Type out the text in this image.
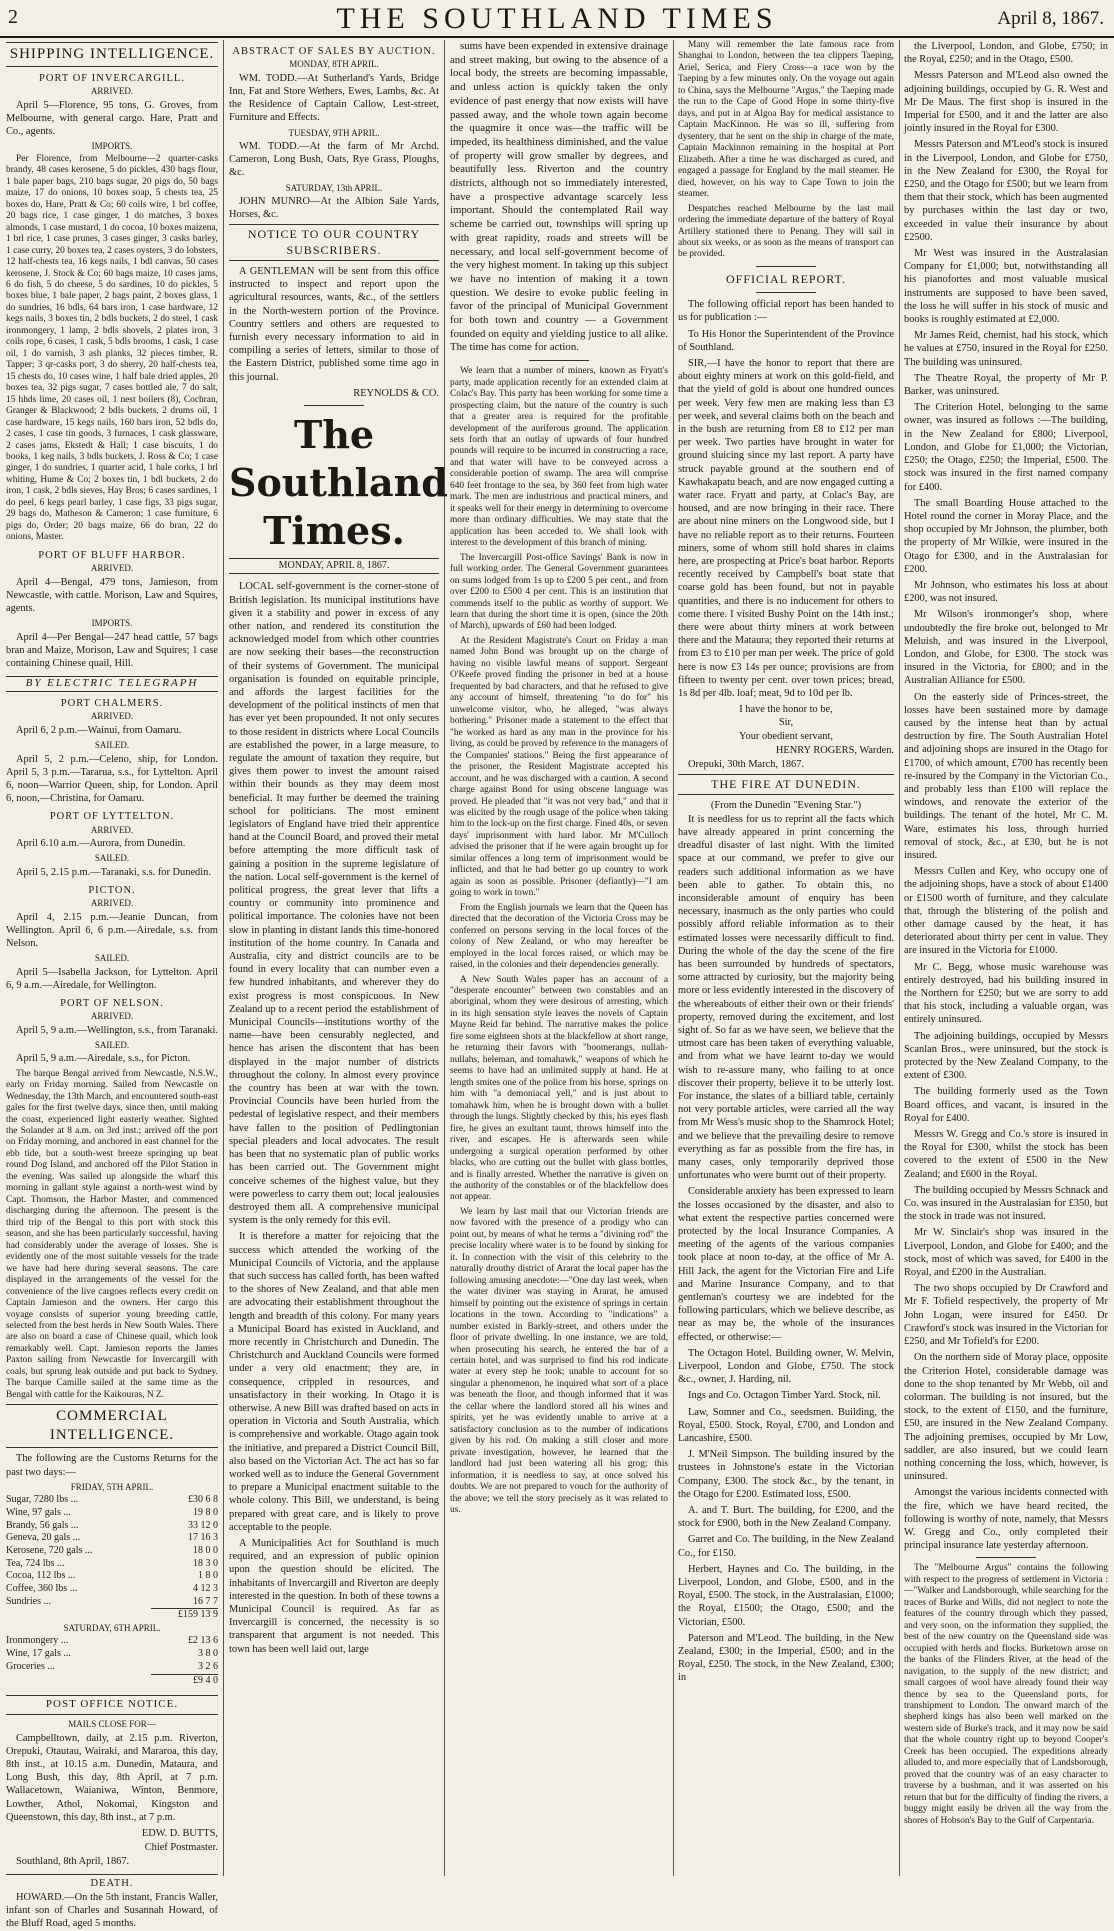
2	THE SOUTHLAND TIMES	April 8, 1867.
SHIPPING INTELLIGENCE.
PORT OF INVERCARGILL.
ARRIVED.

April 5—Florence, 95 tons, G. Groves, from Melbourne, with general cargo. Hare, Pratt and Co., agents.

IMPORTS.

Per Florence, from Melbourne—2 quarter-casks brandy, 48 cases kerosene, 5 do pickles, 430 bags flour, 1 bale paper bags, 210 bags sugar, 20 pigs do, 50 bags maize, 17 do onions, 10 boxes soap, 5 chests tea, 25 boxes do, Hare, Pratt & Co; 60 coils wire, 1 brl coffee, 20 bags rice, 1 case ginger, 1 do matches, 3 boxes almonds, 1 case mustard, 1 do cocoa, 10 boxes maizena, 1 brl rice, 1 case prunes, 3 cases ginger, 3 casks barley, 1 case curry, 20 boxes tea, 2 cases oysters, 3 do lobsters, 12 half-chests tea, 16 kegs nails, 1 bdl canvas, 50 cases kerosene, J. Stock & Co; 60 bags maize, 10 cases jams, 6 do fish, 5 do cheese, 5 do sardines, 10 do pickles, 5 boxes blue, 1 bale paper, 2 bags paint, 2 boxes glass, 1 do sundries, 16 bdls, 64 bars iron, 1 case hardware, 12 kegs nails, 3 boxes tin, 2 bdls buckets, 2 do steel, 1 cask ironmongery, 1 lamp, 2 bdls shovels, 2 plates iron, 3 coils rope, 6 cases, 1 cask, 5 bdls brooms, 1 cask, 1 case oil, 1 do varnish, 3 ash planks, 32 pieces timber, R. Tapper; 3 qr-casks port, 3 do sherry, 20 half-chests tea, 15 chests do, 10 cases wine, 1 half bale dried apples, 20 boxes tea, 32 pigs sugar, 7 cases bottled ale, 7 do salt, 15 hhds lime, 20 cases oil, 1 nest boilers (8), Cochran, Granger & Blackwood; 2 bdls buckets, 2 drums oil, 1 case hardware, 15 kegs nails, 160 bars iron, 52 bdls do, 2 cases, 1 case tin goods, 3 furnaces, 1 cask glassware, 2 cases jams, Ekstedt & Hall; 1 case biscuits, 1 do books, 1 keg nails, 3 bdls buckets, J. Ross & Co; 1 case ginger, 1 do sundries, 1 quarter acid, 1 bale corks, 1 brl whiting, Hume & Co; 2 boxes tin, 1 bdl buckets, 2 do iron, 1 cask, 2 bdls sieves, Hay Bros; 6 cases sardines, 1 do peel, 6 kegs pearl barley, 1 case figs, 33 pigs sugar, 29 bags do, Matheson & Cameron; 1 case furniture, 6 pigs do, Order; 20 bags maize, 66 do bran, 22 do onions, Master.

PORT OF BLUFF HARBOR.
ARRIVED.

April 4—Bengal, 479 tons, Jamieson, from Newcastle, with cattle. Morison, Law and Squires, agents.

IMPORTS.

April 4—Per Bengal—247 head cattle, 57 bags bran and Maize, Morison, Law and Squires; 1 case containing Chinese quail, Hill.

BY ELECTRIC TELEGRAPH
PORT CHALMERS.
ARRIVED.

April 6, 2 p.m.—Wainui, from Oamaru.

SAILED.

April 5, 2 p.m.—Celeno, ship, for London. April 5, 3 p.m.—Tararua, s.s., for Lyttelton. April 6, noon—Warrior Queen, ship, for London. April 6, noon,—Christina, for Oamaru.

PORT OF LYTTELTON.
ARRIVED.

April 6.10 a.m.—Aurora, from Dunedin.

SAILED.

April 5, 2.15 p.m.—Taranaki, s.s. for Dunedin.

PICTON.
ARRIVED.

April 4, 2.15 p.m.—Jeanie Duncan, from Wellington. April 6, 6 p.m.—Airedale, s.s. from Nelson.

SAILED.

April 5—Isabella Jackson, for Lyttelton. April 6, 9 a.m.—Airedale, for Wellington.

PORT OF NELSON.
ARRIVED.

April 5, 9 a.m.—Wellington, s.s., from Taranaki.

SAILED.

April 5, 9 a.m.—Airedale, s.s., for Picton.

The barque Bengal arrived from Newcastle, N.S.W., early on Friday morning. Sailed from Newcastle on Wednesday, the 13th March, and encountered south-east gales for the first twelve days, since then, until making the coast, experienced light easterly weather. Sighted the Solander at 8 a.m. on 3rd inst.; arrived off the port on Friday morning, and anchored in east channel for the ebb tide, but a south-west breeze springing up beat round Dog Island, and anchored off the Pilot Station in the evening. Was sailed up alongside the wharf this morning in gallant style against a north-west wind by Capt. Thomson, the Harbor Master, and commenced discharging during the afternoon. The present is the third trip of the Bengal to this port with stock this season, and she has been particularly successful, having had considerably under the average of losses. She is evidently one of the most suitable vessels for the trade we have had here during several seasons. The care displayed in the arrangements of the vessel for the convenience of the live cargoes reflects every credit on Captain Jamieson and the owners. Her cargo this voyage consists of superior young breeding cattle, selected from the best herds in New South Wales. There are also on board a case of Chinese quail, which look remarkably well. Capt. Jamieson reports the James Paxton sailing from Newcastle for Invercargill with coals, but sprung leak outside and put back to Sydney. The barque Camille sailed at the same time as the Bengal with cattle for the Kaikouras, N Z.

COMMERCIAL INTELLIGENCE.

The following are the Customs Returns for the past two days:—

FRIDAY, 5TH APRIL.
Sugar, 7280 lbs ...	£30 6 8
Wine, 97 gals ...	19 8 0
Brandy, 56 gals ...	33 12 0
Geneva, 20 gals ...	17 16 3
Kerosene, 720 gals ...	18 0 0
Tea, 724 lbs ...	18 3 0
Cocoa, 112 lbs ...	1 8 0
Coffee, 360 lbs ...	4 12 3
Sundries ...	16 7 7
	£159 13 9
SATURDAY, 6TH APRIL.
Ironmongery ...	£2 13 6
Wine, 17 gals ...	3 8 0
Groceries ...	3 2 6
	£9 4 0
POST OFFICE NOTICE.
MAILS CLOSE FOR—

Campbelltown, daily, at 2.15 p.m. Riverton, Orepuki, Otautau, Wairaki, and Mararoa, this day, 8th inst., at 10.15 a.m. Dunedin, Mataura, and Long Bush, this day, 8th April, at 7 p.m. Wallacetown, Waianiwa, Winton, Benmore, Lowther, Athol, Nokomai, Kingston and Queenstown, this day, 8th inst., at 7 p.m.

EDW. D. BUTTS,
Chief Postmaster.

Southland, 8th April, 1867.

DEATH.

HOWARD.—On the 5th instant, Francis Waller, infant son of Charles and Susannah Howard, of the Bluff Road, aged 5 months.

ABSTRACT OF SALES BY AUCTION.
MONDAY, 8TH APRIL.

WM. TODD.—At Sutherland's Yards, Bridge Inn, Fat and Store Wethers, Ewes, Lambs, &c. At the Residence of Captain Callow, Lest-street, Furniture and Effects.

TUESDAY, 9TH APRIL.

WM. TODD.—At the farm of Mr Archd. Cameron, Long Bush, Oats, Rye Grass, Ploughs, &c.

SATURDAY, 13th APRIL.

JOHN MUNRO—At the Albion Sale Yards, Horses, &c.

NOTICE TO OUR COUNTRY SUBSCRIBERS.

A GENTLEMAN will be sent from this office instructed to inspect and report upon the agricultural resources, wants, &c., of the settlers in the North-western portion of the Province. Country settlers and others are requested to furnish every necessary information to aid in compiling a series of letters, similar to those of the Eastern District, published some time ago in this journal.

REYNOLDS & CO.
The Southland Times.
MONDAY, APRIL 8, 1867.

LOCAL self-government is the corner-stone of British legislation. Its municipal institutions have given it a stability and power in excess of any other nation, and rendered its constitution the acknowledged model from which other countries are now seeking their bases—the reconstruction of their systems of Government. The municipal organisation is founded on equitable principle, and affords the largest facilities for the development of the political instincts of men that has ever yet been propounded. It not only secures to those resident in districts where Local Councils are established the power, in a large measure, to regulate the amount of taxation they require, but gives them power to invest the amount raised within their bounds as they may deem most beneficial. It may further be deemed the training school for politicians. The most eminent legislators of England have tried their apprentice hand at the Council Board, and proved their metal before attempting the more difficult task of gaining a position in the supreme legislature of the nation. Local self-government is the kernel of political progress, the great lever that lifts a country or community into prominence and political importance. The colonies have not been slow in planting in distant lands this time-honored institution of the home country. In Canada and Australia, city and district councils are to be found in every locality that can number even a few hundred inhabitants, and wherever they do exist progress is most conspicuous. In New Zealand up to a recent period the establishment of Municipal Councils—institutions worthy of the name—have been censurably neglected, and hence has arisen the discontent that has been displayed in the major number of districts throughout the colony. In almost every province the country has been at war with the town. Provincial Councils have been hurled from the pedestal of legislative respect, and their members have fallen to the position of Pedlingtonian special pleaders and local advocates. The result has been that no systematic plan of public works has been carried out. The Government might conceive schemes of the highest value, but they were powerless to carry them out; local jealousies destroyed them all. A comprehensive municipal system is the only remedy for this evil.

It is therefore a matter for rejoicing that the success which attended the working of the Municipal Councils of Victoria, and the applause that such success has called forth, has been wafted to the shores of New Zealand, and that able men are advocating their establishment throughout the length and breadth of this colony. For many years a Municipal Board has existed in Auckland, and more recently in Christchurch and Dunedin. The Christchurch and Auckland Councils were formed under a very old enactment; they are, in consequence, crippled in resources, and unsatisfactory in their working. In Otago it is otherwise. A new Bill was drafted based on acts in operation in Victoria and South Australia, which is comprehensive and workable. Otago again took the initiative, and prepared a District Council Bill, also based on the Victorian Act. The act has so far worked well as to induce the General Government to prepare a Municipal enactment suitable to the whole colony. This Bill, we understand, is being prepared with great care, and is likely to prove acceptable to the people.

A Municipalities Act for Southland is much required, and an expression of public opinion upon the question should be elicited. The inhabitants of Invercargill and Riverton are deeply interested in the question. In both of these towns a Municipal Council is required. As far as Invercargill is concerned, the necessity is so transparent that argument is not needed. This town has been well laid out, large

sums have been expended in extensive drainage and street making, but owing to the absence of a local body, the streets are becoming impassable, and unless action is quickly taken the only evidence of past energy that now exists will have passed away, and the whole town again become the quagmire it once was—the traffic will be impeded, its healthiness diminished, and the value of property will grow smaller by degrees, and beautifully less. Riverton and the country districts, although not so immediately interested, have a prospective advantage scarcely less important. Should the contemplated Rail way scheme be carried out, townships will spring up with great rapidity, roads and streets will be necessary, and local self-government become of the very highest moment. In taking up this subject we have no intention of making it a town question. We desire to evoke public feeling in favor of the principal of Municipal Government for both town and country — a Government founded on equity and yielding justice to all alike. The time has come for action.

We learn that a number of miners, known as Fryatt's party, made application recently for an extended claim at Colac's Bay. This party has been working for some time a prospecting claim, but the nature of the country is such that a greater area is required for the profitable development of the auriferous ground. The application sets forth that an outlay of upwards of four hundred pounds will require to be incurred in constructing a race, and that water will have to be conveyed across a considerable portion of swamp. The area will comprise 640 feet frontage to the sea, by 360 feet from high water mark. The men are industrious and practical miners, and it speaks well for their energy in determining to overcome more than ordinary difficulties. We may state that the application has been acceded to. We shall look with interest to the development of this branch of mining.

The Invercargill Post-office Savings' Bank is now in full working order. The General Government guarantees on sums lodged from 1s up to £200 5 per cent., and from over £200 to £500 4 per cent. This is an institution that commends itself to the public as worthy of support. We learn that during the short time it is open, (since the 20th of March), upwards of £60 had been lodged.

At the Resident Magistrate's Court on Friday a man named John Bond was brought up on the charge of having no visible lawful means of support. Sergeant O'Keefe proved finding the prisoner in bed at a house frequented by bad characters, and that he refused to give any account of himself, threatening "to do for" his unwelcome visitor, who, he alleged, "was always bothering." Prisoner made a statement to the effect that "he worked as hard as any man in the province for his living, as could be proved by reference to the managers of the Companies' stations." Being the first appearance of the prisoner, the Resident Magistrate accepted his account, and he was discharged with a caution. A second charge against Bond for using obscene language was proved. He pleaded that "it was not very bad," and that it was elicited by the rough usage of the police when taking him to the lock-up on the first charge. Fined 40s, or seven days' imprisonment with hard labor. Mr M'Culloch advised the prisoner that if he were again brought up for similar offences a long term of imprisonment would be inflicted, and that he had better go up country to work again as soon as possible. Prisoner (defiantly)—"I am going to work in town."

From the English journals we learn that the Queen has directed that the decoration of the Victoria Cross may be conferred on persons serving in the local forces of the colony of New Zealand, or who may hereafter be employed in the local forces raised, or which may be raised, in the colonies and their dependencies generally.

A New South Wales paper has an account of a "desperate encounter" between two constables and an aboriginal, whom they were desirous of arresting, which in its high sensation style leaves the novels of Captain Mayne Reid far behind. The narrative makes the police fire some eighteen shots at the blackfellow at short range, he returning their favors with "boomerangs, nullah-nullahs, heleman, and tomahawk," weapons of which he seems to have had an unlimited supply at hand. He at length smites one of the police from his horse, springs on him with "a demoniacal yell," and is just about to tomahawk him, when he is brought down with a bullet through the lungs. Slightly checked by this, his eyes flash fire, he gives an exultant taunt, throws himself into the river, and escapes. He is afterwards seen while undergoing a surgical operation performed by other blacks, who are cutting out the bullet with glass bottles, and is finally arrested. Whether the narrative is given on the authority of the constables or of the blackfellow does not appear.

We learn by last mail that our Victorian friends are now favored with the presence of a prodigy who can point out, by means of what he terms a "divining rod" the precise locality where water is to be found by sinking for it. In connection with the visit of this celebrity to the naturally drouthy district of Ararat the local paper has the following amusing anecdote:—"One day last week, when the water diviner was staying in Ararat, he amused himself by pointing out the existence of springs in certain locations in the town. According to "indications" a number existed in Barkly-street, and others under the floor of private dwelling. In one instance, we are told, when prosecuting his search, he entered the bar of a certain hotel, and was surprised to find his rod indicate water at every step he took; unable to account for so singular a phenomenon, he inquired what sort of a place was beneath the floor, and though informed that it was the cellar where the landlord stored all his wines and spirits, yet he was evidently unable to arrive at a satisfactory conclusion as to the number of indications given by his rod. On making a still closer and more private investigation, however, he learned that the landlord had just been watering all his grog; this information, it is needless to say, at once solved his doubts. We are not prepared to vouch for the authority of the above; we tell the story precisely as it was related to us.

Many will remember the late famous race from Shanghai to London, between the tea clippers Taeping, Ariel, Serica, and Fiery Cross—a race won by the Taeping by a few minutes only. On the voyage out again to China, says the Melbourne "Argus," the Taeping made the run to the Cape of Good Hope in some thirty-five days, and put in at Algoa Bay for medical assistance to Captain MacKinnon. He was so ill, suffering from dysentery, that he sent on the ship in charge of the mate, Captain Mackinnon remaining in the hospital at Port Elizabeth. After a time he was discharged as cured, and engaged a passage for England by the mail steamer. He died, however, on his way to Cape Town to join the steamer.

Despatches reached Melbourne by the last mail ordering the immediate departure of the battery of Royal Artillery stationed there to Penang. They will sail in about six weeks, or as soon as the means of transport can be provided.

OFFICIAL REPORT.

The following official report has been handed to us for publication :—

To His Honor the Superintendent of the Province of Southland.

SIR,—I have the honor to report that there are about eighty miners at work on this gold-field, and that the yield of gold is about one hundred ounces per week. Very few men are making less than £3 per week, and several claims both on the beach and in the bush are returning from £8 to £12 per man per week. Two parties have brought in water for ground sluicing since my last report. A party have struck payable ground at the southern end of Kawhakapatu beach, and are now engaged cutting a water race. Fryatt and party, at Colac's Bay, are housed, and are now bringing in their race. There are about nine miners on the Longwood side, but I have no reliable report as to their returns. Fourteen miners, some of whom still hold shares in claims here, are prospecting at Price's boat harbor. Reports recently received by Campbell's boat state that coarse gold has been found, but not in payable quantities, and there is no inducement for others to come there. I visited Bushy Point on the 14th inst.; there were about thirty miners at work between there and the Mataura; they reported their returns at from £3 to £10 per man per week. The price of gold here is now £3 14s per ounce; provisions are from fifteen to twenty per cent. over town prices; bread, 1s 8d per 4lb. loaf; meat, 9d to 10d per lb.

I have the honor to be,
Sir,
Your obedient servant,
HENRY ROGERS, Warden.

Orepuki, 30th March, 1867.

THE FIRE AT DUNEDIN.
(From the Dunedin "Evening Star.")

It is needless for us to reprint all the facts which have already appeared in print concerning the dreadful disaster of last night. With the limited space at our command, we prefer to give our readers such additional information as we have been able to gather. To obtain this, no inconsiderable amount of enquiry has been necessary, inasmuch as the only parties who could possibly afford reliable information as to their estimated losses were necessarily difficult to find. During the whole of the day the scene of the fire has been surrounded by hundreds of spectators, some attracted by curiosity, but the majority being more or less evidently interested in the discovery of the whereabouts of either their own or their friends' property, removed during the excitement, and lost sight of. So far as we have seen, we believe that the utmost care has been taken of everything valuable, and from what we have learnt to-day we would wish to re-assure many, who failing to at once discover their property, believe it to be utterly lost. For instance, the slates of a billiard table, certainly not very portable articles, were carried all the way from Mr Wess's music shop to the Shamrock Hotel; and we believe that the prevailing desire to remove everything as far as possible from the fire has, in many cases, only temporarily deprived those unfortunates who were burnt out of their property.

Considerable anxiety has been expressed to learn the losses occasioned by the disaster, and also to what extent the respective parties concerned were protected by the local Insurance Companies. A meeting of the agents of the various companies took place at noon to-day, at the office of Mr A. Hill Jack, the agent for the Victorian Fire and Life and Marine Insurance Company, and to that gentleman's courtesy we are indebted for the following particulars, which we believe describe, as near as may be, the whole of the insurances effected, or otherwise:—

The Octagon Hotel. Building owner, W. Melvin, Liverpool, London and Globe, £750. The stock &c., owner, J. Harding, nil.

Ings and Co. Octagon Timber Yard. Stock, nil.

Law, Somner and Co., seedsmen. Building, the Royal, £500. Stock, Royal, £700, and London and Lancashire, £500.

J. M'Neil Simpson. The building insured by the trustees in Johnstone's estate in the Victorian Company, £300. The stock &c., by the tenant, in the Otago for £200. Estimated loss, £500.

A. and T. Burt. The building, for £200, and the stock for £900, both in the New Zealand Company.

Garret and Co. The building, in the New Zealand Co., for £150.

Herbert, Haynes and Co. The building, in the Liverpool, London, and Globe, £500, and in the Royal, £500. The stock, in the Australasian, £1000; the Royal, £1500; the Otago, £500; and the Victorian, £500.

Paterson and M'Leod. The building, in the New Zealand, £300; in the Imperial, £500; and in the Royal, £250. The stock, in the New Zealand, £300; in

the Liverpool, London, and Globe, £750; in the Royal, £250; and in the Otago, £500.

Messrs Paterson and M'Leod also owned the adjoining buildings, occupied by G. R. West and Mr De Maus. The first shop is insured in the Imperial for £500, and it and the latter are also jointly insured in the Royal for £300.

Messrs Paterson and M'Leod's stock is insured in the Liverpool, London, and Globe for £750, in the New Zealand for £300, the Royal for £250, and the Otago for £500; but we learn from them that their stock, which has been augmented by purchases within the last day or two, exceeded in value their insurance by about £2500.

Mr West was insured in the Australasian Company for £1,000; but, notwithstanding all his pianofortes and most valuable musical instruments are supposed to have been saved, the loss he will suffer in his stock of music and books is roughly estimated at £2,000.

Mr James Reid, chemist, had his stock, which he values at £750, insured in the Royal for £250. The building was uninsured.

The Theatre Royal, the property of Mr P. Barker, was uninsured.

The Criterion Hotel, belonging to the same owner, was insured as follows :—The building, in the New Zealand for £800; Liverpool, London, and Globe for £1,000; the Victorian, £250; the Otago, £250; the Imperial, £500. The stock was insured in the first named company for £400.

The small Boarding House attached to the Hotel round the corner in Moray Place, and the shop occupied by Mr Johnson, the plumber, both the property of Mr Wilkie, were insured in the Otago for £300, and in the Australasian for £200.

Mr Johnson, who estimates his loss at about £200, was not insured.

Mr Wilson's ironmonger's shop, where undoubtedly the fire broke out, belonged to Mr Meluish, and was insured in the Liverpool, London, and Globe, for £300. The stock was insured in the Victoria, for £800; and in the Australian Alliance for £500.

On the easterly side of Princes-street, the losses have been sustained more by damage caused by the intense heat than by actual destruction by fire. The South Australian Hotel and adjoining shops are insured in the Otago for £1700, of which amount, £700 has recently been re-insured by the Company in the Victorian Co., and probably less than £100 will replace the windows, and renovate the exterior of the buildings. The tenant of the hotel, Mr C. M. Ware, estimates his loss, through hurried removal of stock, &c., at £30, but he is not insured.

Messrs Cullen and Key, who occupy one of the adjoining shops, have a stock of about £1400 or £1500 worth of furniture, and they calculate that, through the blistering of the polish and other damage caused by the heat, it has deteriorated about thirty per cent in value. They are insured in the Victoria for £1000.

Mr C. Begg, whose music warehouse was entirely destroyed, had his building insured in the Northern for £250; but we are sorry to add that his stock, including a valuable organ, was entirely uninsured.

The adjoining buildings, occupied by Messrs Scanlan Bros., were uninsured, but the stock is protected by the New Zealand Company, to the extent of £300.

The building formerly used as the Town Board offices, and vacant, is insured in the Royal for £400.

Messrs W. Gregg and Co.'s store is insured in the Royal for £300, whilst the stock has been covered to the extent of £500 in the New Zealand; and £600 in the Royal.

The building occupied by Messrs Schnack and Co. was insured in the Australasian for £350, but the stock in trade was not insured.

Mr W. Sinclair's shop was insured in the Liverpool, London, and Globe for £400; and the stock, most of which was saved, for £400 in the Royal, and £200 in the Australian.

The two shops occupied by Dr Crawford and Mr F. Tofield respectively, the property of Mr John Logan, were insured for £450. Dr Crawford's stock was insured in the Victorian for £250, and Mr Tofield's for £200.

On the northern side of Moray place, opposite the Criterion Hotel, considerable damage was done to the shop tenanted by Mr Webb, oil and colorman. The building is not insured, but the stock, to the extent of £150, and the furniture, £50, are insured in the New Zealand Company. The adjoining premises, occupied by Mr Low, saddler, are also insured, but we could learn nothing concerning the loss, which, however, is uninsured.

Amongst the various incidents connected with the fire, which we have heard recited, the following is worthy of note, namely, that Messrs W. Gregg and Co., only completed their principal insurance late yesterday afternoon.

The "Melbourne Argus" contains the following with respect to the progress of settlement in Victoria :—"Walker and Landsborough, while searching for the traces of Burke and Wills, did not neglect to note the features of the country through which they passed, and very soon, on the information they supplied, the best of the new country on the Queensland side was occupied with herds and flocks. Burketown arose on the banks of the Flinders River, at the head of the navigation, to the supply of the new district; and small cargoes of wool have already found their way thence by sea to the Queensland ports, for transhipment to London. The onward march of the shepherd kings has also been well marked on the western side of Burke's track, and it may now be said that the whole country right up to beyond Cooper's Creek has been occupied. The expeditions already alluded to, and more especially that of Landsborough, proved that the country was of an easy character to traverse by a bushman, and it was asserted on his return that but for the difficulty of finding the rivers, a buggy might easily be driven all the way from the shores of Hobson's Bay to the Gulf of Carpentaria.
